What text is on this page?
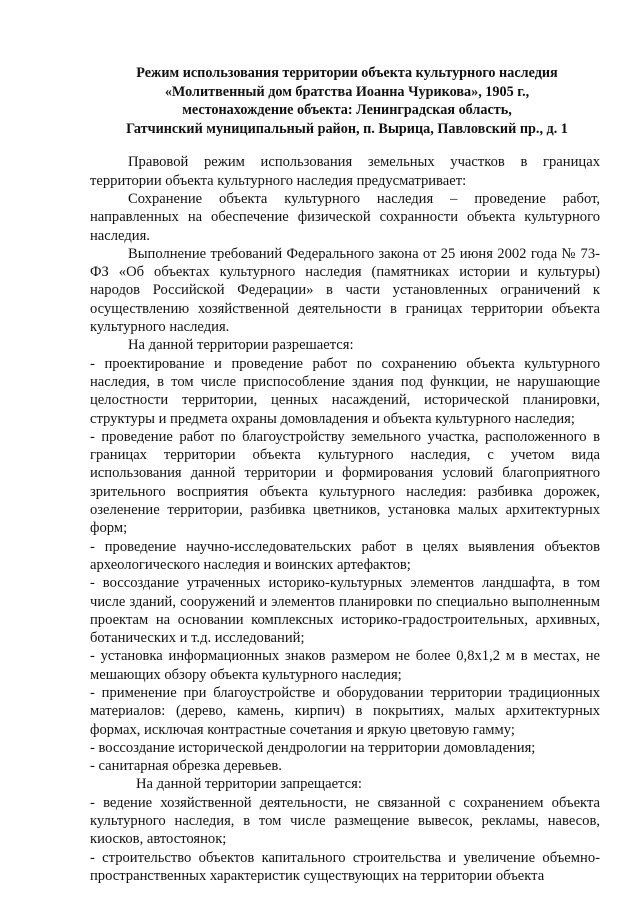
Режим использования территории объекта культурного наследия
«Молитвенный дом братства Иоанна Чурикова», 1905 г.,
местонахождение объекта: Ленинградская область,
Гатчинский муниципальный район, п. Вырица, Павловский пр., д. 1

Правовой режим использования земельных участков в границах территории объекта культурного наследия предусматривает:

Сохранение объекта культурного наследия – проведение работ, направленных на обеспечение физической сохранности объекта культурного наследия.

Выполнение требований Федерального закона от 25 июня 2002 года № 73-ФЗ «Об объектах культурного наследия (памятниках истории и культуры) народов Российской Федерации» в части установленных ограничений к осуществлению хозяйственной деятельности в границах территории объекта культурного наследия.

На данной территории разрешается:

- проектирование и проведение работ по сохранению объекта культурного наследия, в том числе приспособление здания под функции, не нарушающие целостности территории, ценных насаждений, исторической планировки, структуры и предмета охраны домовладения и объекта культурного наследия;

- проведение работ по благоустройству земельного участка, расположенного в границах территории объекта культурного наследия, с учетом вида использования данной территории и формирования условий благоприятного зрительного восприятия объекта культурного наследия: разбивка дорожек, озеленение территории, разбивка цветников, установка малых архитектурных форм;

- проведение научно-исследовательских работ в целях выявления объектов археологического наследия и воинских артефактов;

- воссоздание утраченных историко-культурных элементов ландшафта, в том числе зданий, сооружений и элементов планировки по специально выполненным проектам на основании комплексных историко-градостроительных, архивных, ботанических и т.д. исследований;

- установка информационных знаков размером не более 0,8х1,2 м в местах, не мешающих обзору объекта культурного наследия;

- применение при благоустройстве и оборудовании территории традиционных материалов: (дерево, камень, кирпич) в покрытиях, малых архитектурных формах, исключая контрастные сочетания и яркую цветовую гамму;

- воссоздание исторической дендрологии на территории домовладения;

- санитарная обрезка деревьев.

На данной территории запрещается:

- ведение хозяйственной деятельности, не связанной с сохранением объекта культурного наследия, в том числе размещение вывесок, рекламы, навесов, киосков, автостоянок;

- строительство объектов капитального строительства и увеличение объемно-пространственных характеристик существующих на территории объекта
